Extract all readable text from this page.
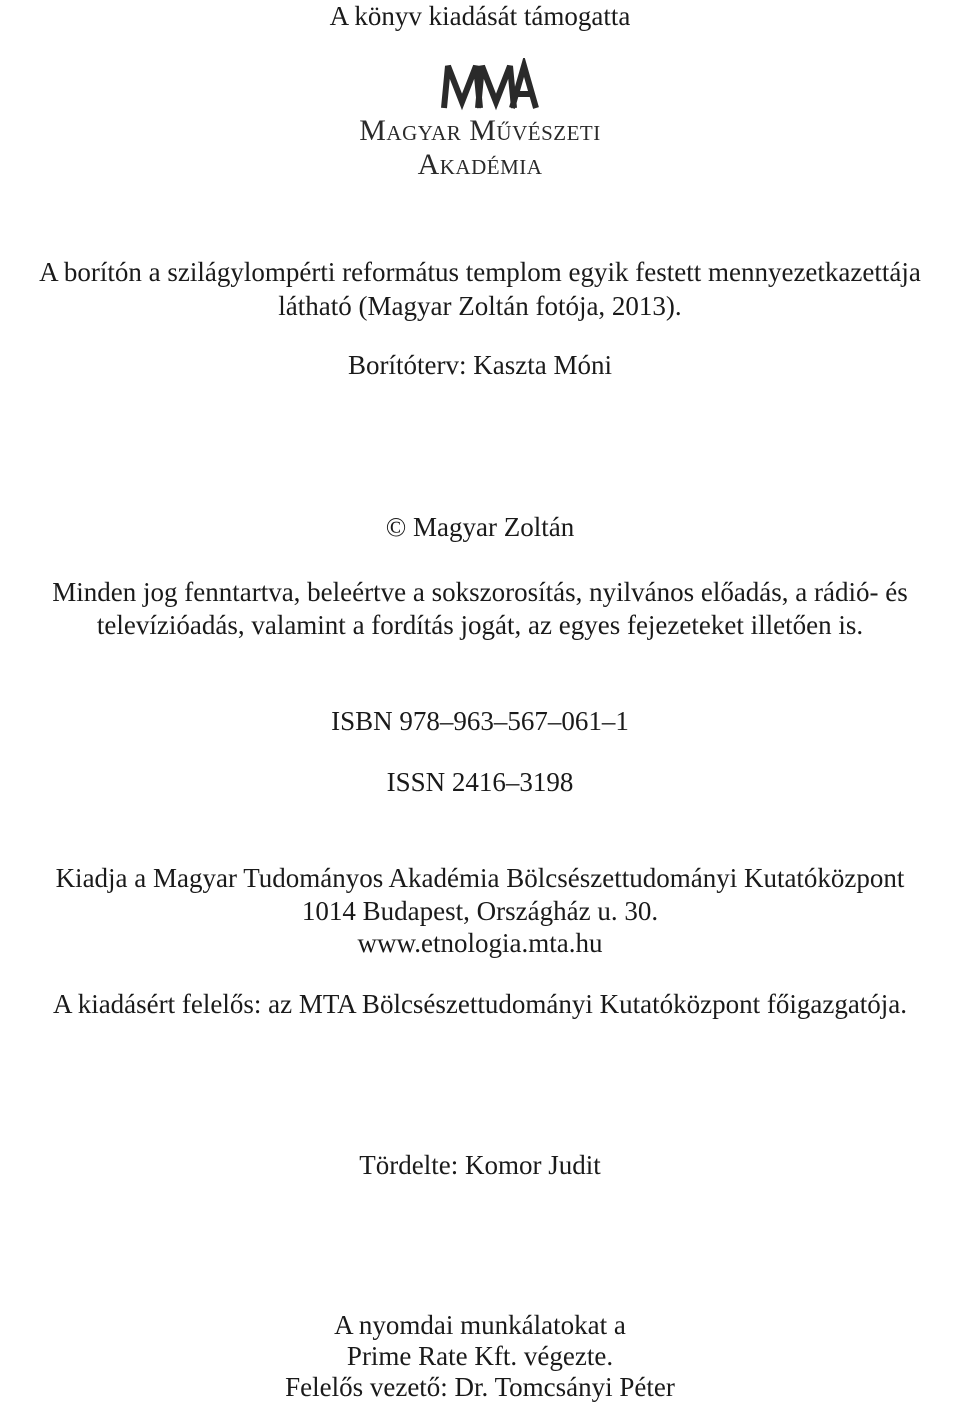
A könyv kiadását támogatta
Magyar Művészeti
Akadémia
A borítón a szilágylompérti református templom egyik festett mennyezetkazettája
látható (Magyar Zoltán fotója, 2013).
Borítóterv: Kaszta Móni
© Magyar Zoltán
Minden jog fenntartva, beleértve a sokszorosítás, nyilvános előadás, a rádió- és
televízióadás, valamint a fordítás jogát, az egyes fejezeteket illetően is.
ISBN 978–963–567–061–1
ISSN 2416–3198
Kiadja a Magyar Tudományos Akadémia Bölcsészettudományi Kutatóközpont
1014 Budapest, Országház u. 30.
www.etnologia.mta.hu
A kiadásért felelős: az MTA Bölcsészettudományi Kutatóközpont főigazgatója.
Tördelte: Komor Judit
A nyomdai munkálatokat a
Prime Rate Kft. végezte.
Felelős vezető: Dr. Tomcsányi Péter
